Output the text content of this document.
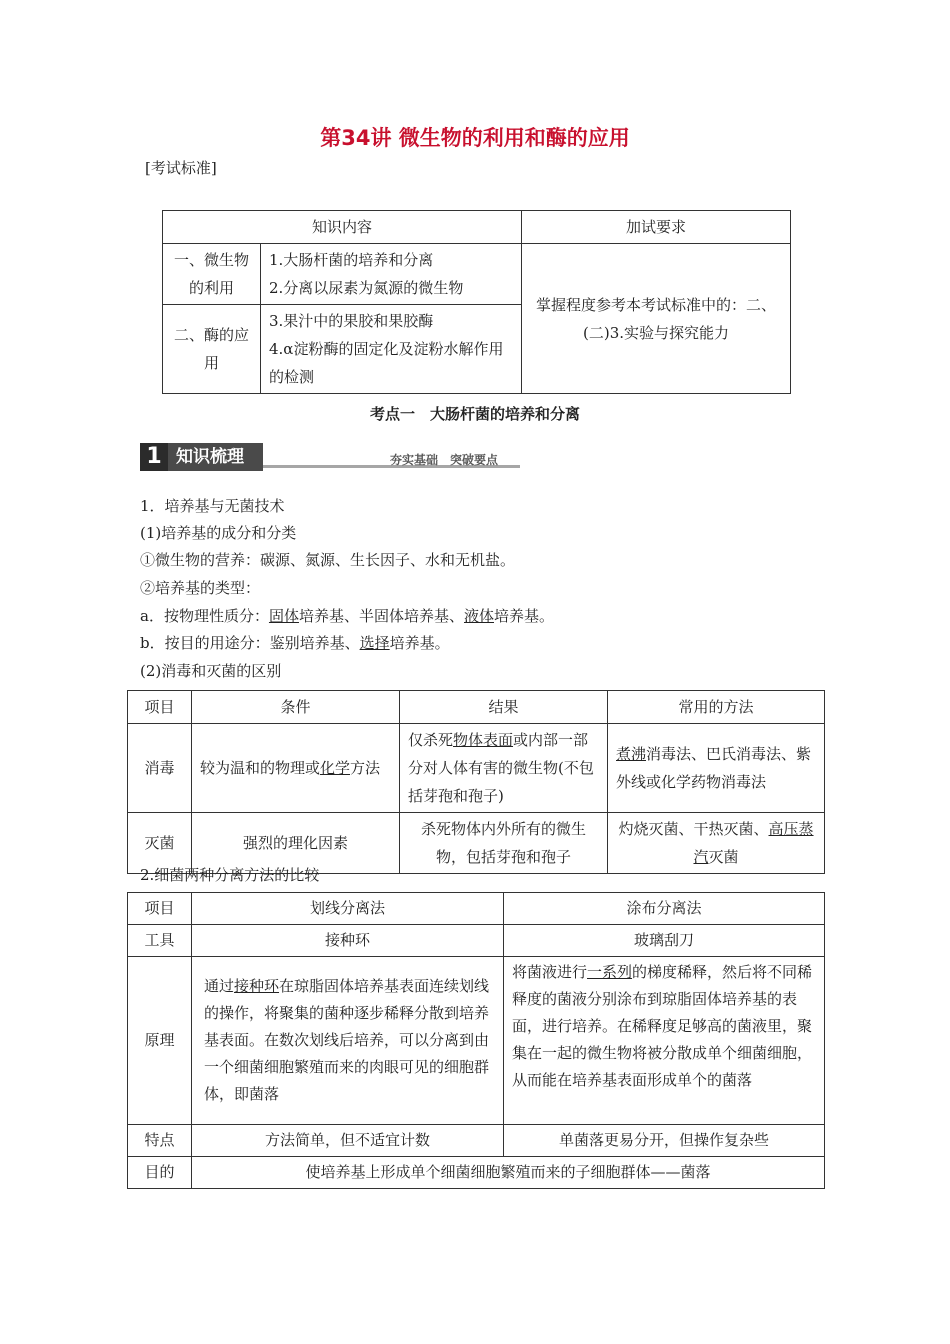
第34讲 微生物的利用和酶的应用
[考试标准]
知识内容		加试要求
一、微生物的利用	1.大肠杆菌的培养和分离
2.分离以尿素为氮源的微生物	掌握程度参考本考试标准中的：二、(二)3.实验与探究能力
二、酶的应用	3.果汁中的果胶和果胶酶
4.α淀粉酶的固定化及淀粉水解作用的检测	
考点一　大肠杆菌的培养和分离
1 知识梳理	夯实基础　突破要点
1．培养基与无菌技术
(1)培养基的成分和分类
①微生物的营养：碳源、氮源、生长因子、水和无机盐。
②培养基的类型：
a．按物理性质分：固体培养基、半固体培养基、液体培养基。
b．按目的用途分：鉴别培养基、选择培养基。
(2)消毒和灭菌的区别
项目	条件	结果	常用的方法
消毒	较为温和的物理或化学方法	仅杀死物体表面或内部一部分对人体有害的微生物(不包括芽孢和孢子)	煮沸消毒法、巴氏消毒法、紫外线或化学药物消毒法
灭菌	强烈的理化因素	杀死物体内外所有的微生物，包括芽孢和孢子	灼烧灭菌、干热灭菌、高压蒸汽灭菌
2.细菌两种分离方法的比较
项目	划线分离法	涂布分离法
工具	接种环	玻璃刮刀
原理	通过接种环在琼脂固体培养基表面连续划线的操作，将聚集的菌种逐步稀释分散到培养基表面。在数次划线后培养，可以分离到由一个细菌细胞繁殖而来的肉眼可见的细胞群体，即菌落	将菌液进行一系列的梯度稀释，然后将不同稀释度的菌液分别涂布到琼脂固体培养基的表面，进行培养。在稀释度足够高的菌液里，聚集在一起的微生物将被分散成单个细菌细胞，从而能在培养基表面形成单个的菌落
特点	方法简单，但不适宜计数	单菌落更易分开，但操作复杂些
目的	使培养基上形成单个细菌细胞繁殖而来的子细胞群体——菌落	
